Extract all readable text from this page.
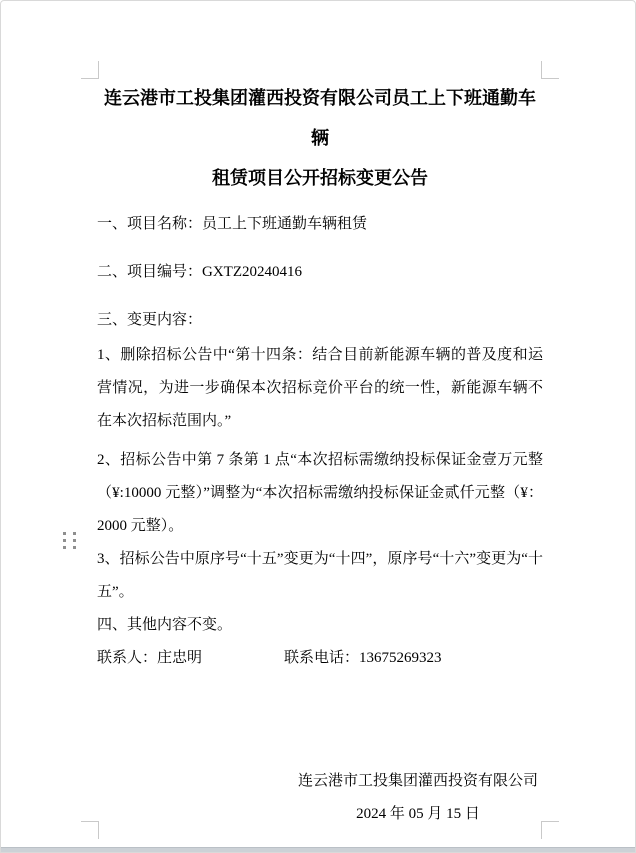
连云港市工投集团灌西投资有限公司员工上下班通勤车辆
租赁项目公开招标变更公告

一、项目名称：员工上下班通勤车辆租赁

二、项目编号：GXTZ20240416

三、变更内容：

1、删除招标公告中“第十四条：结合目前新能源车辆的普及度和运营情况，为进一步确保本次招标竞价平台的统一性，新能源车辆不在本次招标范围内。”

2、招标公告中第 7 条第 1 点“本次招标需缴纳投标保证金壹万元整（¥:10000 元整）”调整为“本次招标需缴纳投标保证金贰仟元整（¥：2000 元整）。

3、招标公告中原序号“十五”变更为“十四”，原序号“十六”变更为“十五”。

四、其他内容不变。

联系人：庄忠明	联系电话：13675269323
连云港市工投集团灌西投资有限公司
2024 年 05 月 15 日
